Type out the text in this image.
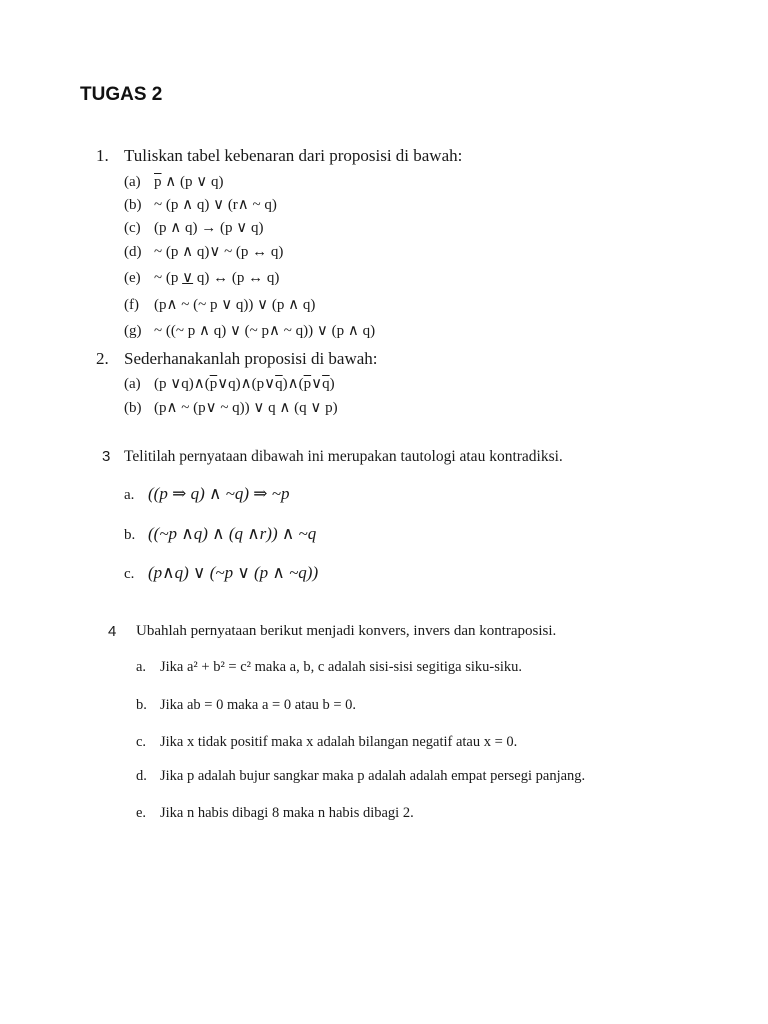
TUGAS 2
1. Tuliskan tabel kebenaran dari proposisi di bawah:
(a) $\overline{p}$ ∧ (p ∨ q)
(b) ~ (p ∧ q) ∨ (r∧ ~ q)
(c) (p ∧ q) → (p ∨ q)
(d) ~ (p ∧ q)∨ ~ (p ↔ q)
(e) ~ (p ∨ q) ↔ (p ↔ q)
(f) (p∧ ~ (~ p ∨ q)) ∨ (p ∧ q)
(g) ~ ((~ p ∧ q) ∨ (~ p∧ ~ q)) ∨ (p ∧ q)
2. Sederhanakanlah proposisi di bawah:
(a) (p $\vee q)\wedge(\overline{p}\vee q)\wedge(p\vee\overline{q})\wedge(\overline{p}\vee\overline{q})$
(b) (p∧ ~ (p∨ ~ q)) ∨ q ∧ (q ∨ p)
3 Telitilah pernyataan dibawah ini merupakan tautologi atau kontradiksi.
a. ((p ⇒ q) ∧ ~q) ⇒ ~p
b. ((~p ∧q) ∧ (q ∧r)) ∧ ~q
c. (p∧q) ∨ (~p ∨ (p ∧ ~q))
4 Ubahlah pernyataan berikut menjadi konvers, invers dan kontraposisi.
a. Jika a² + b² = c² maka a, b, c adalah sisi-sisi segitiga siku-siku.
b. Jika ab = 0 maka a = 0 atau b = 0.
c. Jika x tidak positif maka x adalah bilangan negatif atau x = 0.
d. Jika p adalah bujur sangkar maka p adalah adalah empat persegi panjang.
e. Jika n habis dibagi 8 maka n habis dibagi 2.
